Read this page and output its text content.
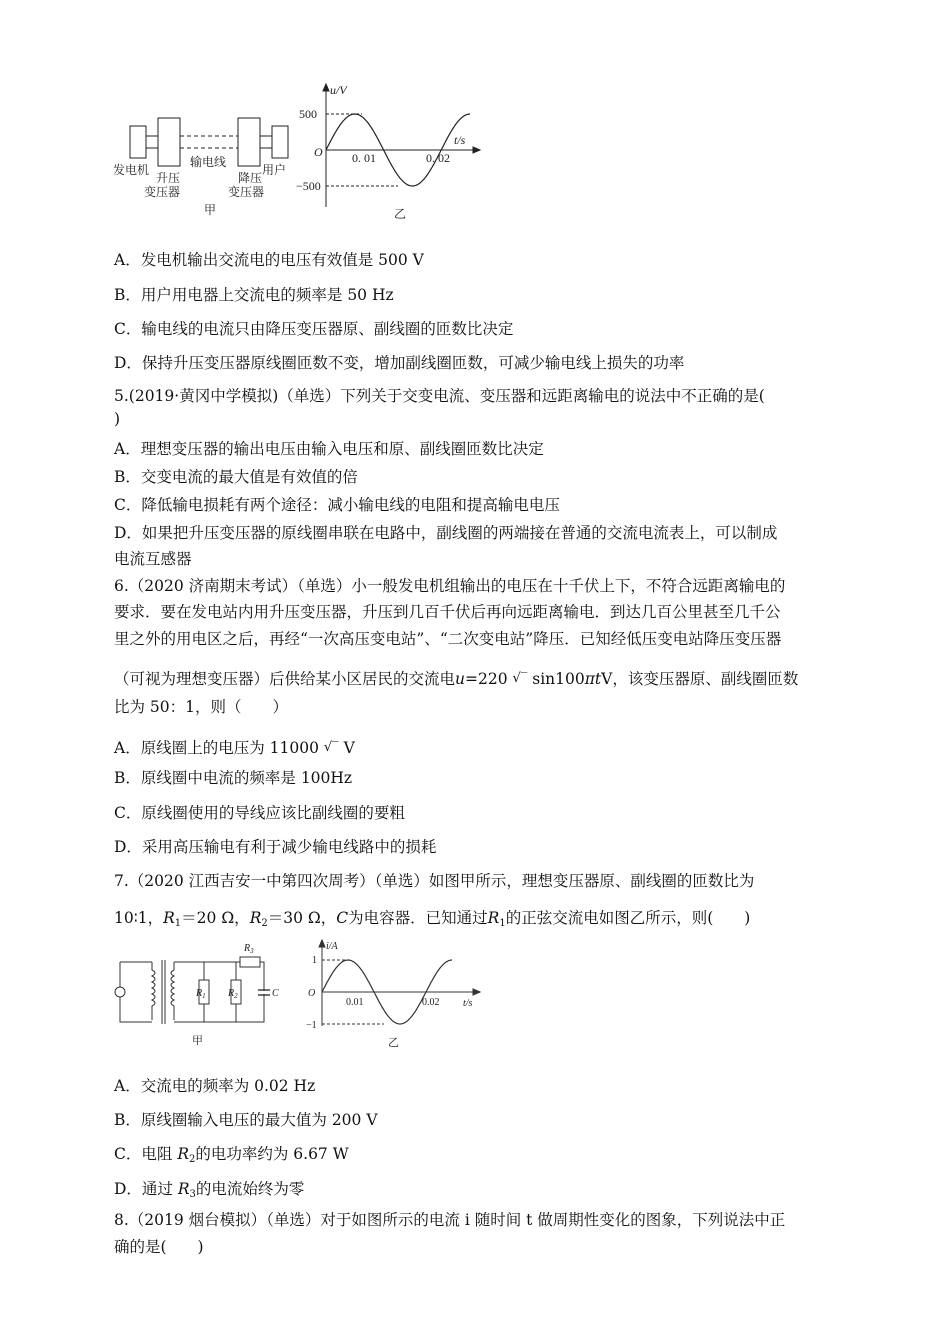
发电机
升压
变压器
输电线
降压
变压器
用户
甲
u/V
t/s
500
−500
O 0. 01	0. 02
乙
A．发电机输出交流电的电压有效值是 500 V
B．用户用电器上交流电的频率是 50 Hz
C．输电线的电流只由降压变压器原、副线圈的匝数比决定
D．保持升压变压器原线圈匝数不变，增加副线圈匝数，可减少输电线上损失的功率
5.(2019·黄冈中学模拟)（单选）下列关于交变电流、变压器和远距离输电的说法中不正确的是(
)
A．理想变压器的输出电压由输入电压和原、副线圈匝数比决定
B．交变电流的最大值是有效值的倍
C．降低输电损耗有两个途径：减小输电线的电阻和提高输电电压
D．如果把升压变压器的原线圈串联在电路中，副线圈的两端接在普通的交流电流表上，可以制成
电流互感器
6.（2020 济南期末考试）（单选）小一般发电机组输出的电压在十千伏上下，不符合远距离输电的
要求．要在发电站内用升压变压器，升压到几百千伏后再向远距离输电．到达几百公里甚至几千公
里之外的用电区之后，再经“一次高压变电站”、“二次变电站”降压．已知经低压变电站降压变压器
（可视为理想变压器）后供给某小区居民的交流电u=220 √‾ sin100πtV，该变压器原、副线圈匝数
比为 50：1，则（　　）
A．原线圈上的电压为 11000 √‾ V
B．原线圈中电流的频率是 100Hz
C．原线圈使用的导线应该比副线圈的要粗
D．采用高压输电有利于减少输电线路中的损耗
7.（2020 江西吉安一中第四次周考）（单选）如图甲所示，理想变压器原、副线圈的匝数比为
10∶1，$R_1=20$ Ω，$R_2=30$ Ω，C为电容器．已知通过$R_1$的正弦交流电如图乙所示，则(　　)
$R_1$ $R_2$
$R_3$
C
甲
i/A
t/s
1
−1
O
0.01	0.02
乙
A．交流电的频率为 0.02 Hz
B．原线圈输入电压的最大值为 200 V
C．电阻 $R_2$的电功率约为 6.67 W
D．通过 $R_3$的电流始终为零
8.（2019 烟台模拟）（单选）对于如图所示的电流 i 随时间 t 做周期性变化的图象，下列说法中正
确的是(　　)
